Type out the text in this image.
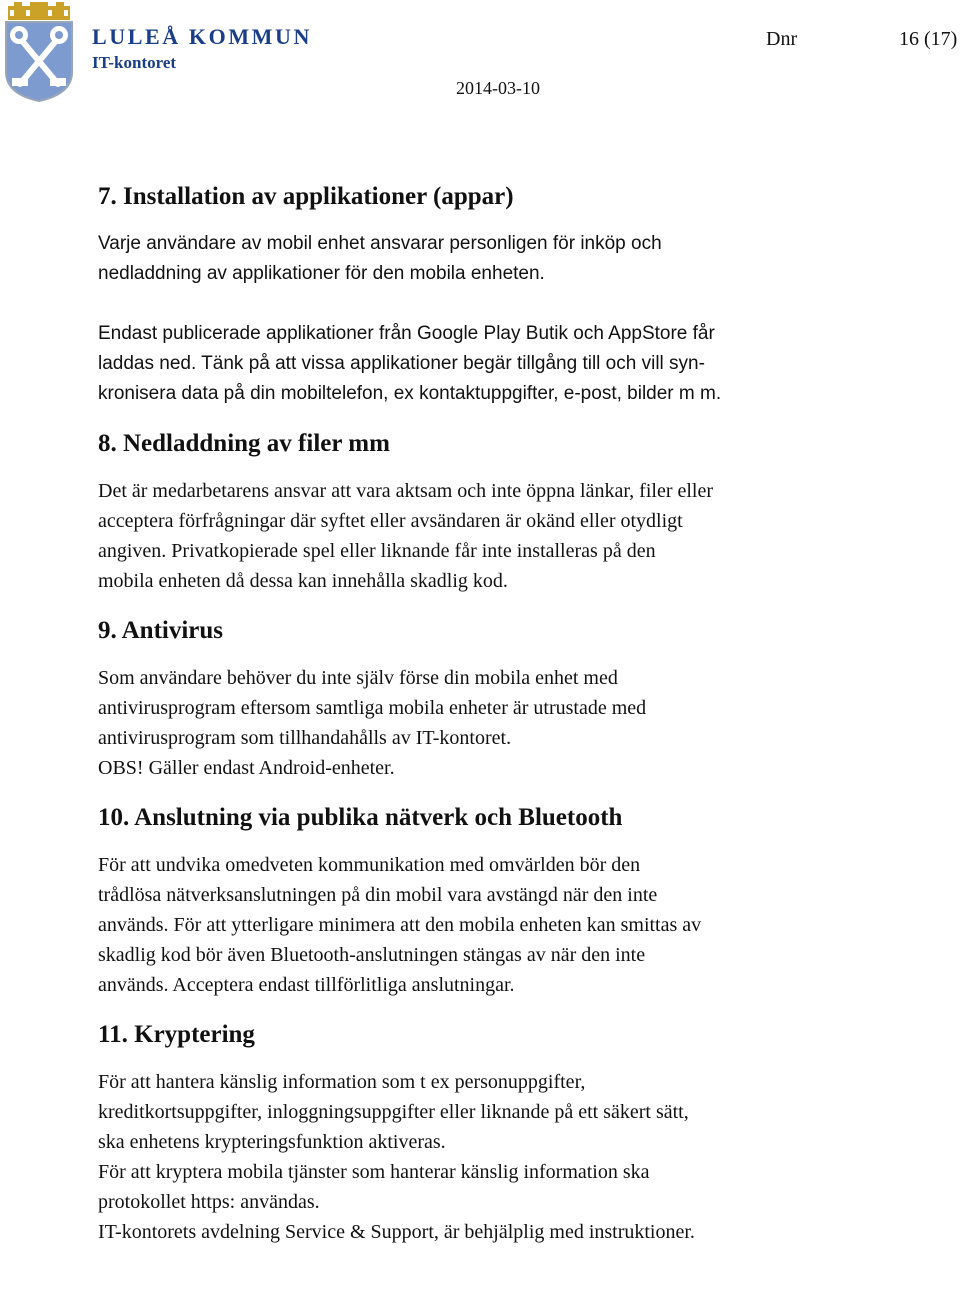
LULEÅ KOMMUN
IT-kontoret
Dnr	16 (17)
2014-03-10
7. Installation av applikationer (appar)

Varje användare av mobil enhet ansvarar personligen för inköp och
nedladdning av applikationer för den mobila enheten.

Endast publicerade applikationer från Google Play Butik och AppStore får
laddas ned. Tänk på att vissa applikationer begär tillgång till och vill syn-
kronisera data på din mobiltelefon, ex kontaktuppgifter, e-post, bilder m m.

8. Nedladdning av filer mm

Det är medarbetarens ansvar att vara aktsam och inte öppna länkar, filer eller
acceptera förfrågningar där syftet eller avsändaren är okänd eller otydligt
angiven. Privatkopierade spel eller liknande får inte installeras på den
mobila enheten då dessa kan innehålla skadlig kod.

9. Antivirus

Som användare behöver du inte själv förse din mobila enhet med
antivirusprogram eftersom samtliga mobila enheter är utrustade med
antivirusprogram som tillhandahålls av IT-kontoret.
OBS! Gäller endast Android-enheter.

10. Anslutning via publika nätverk och Bluetooth

För att undvika omedveten kommunikation med omvärlden bör den
trådlösa nätverksanslutningen på din mobil vara avstängd när den inte
används. För att ytterligare minimera att den mobila enheten kan smittas av
skadlig kod bör även Bluetooth-anslutningen stängas av när den inte
används. Acceptera endast tillförlitliga anslutningar.

11. Kryptering

För att hantera känslig information som t ex personuppgifter,
kreditkortsuppgifter, inloggningsuppgifter eller liknande på ett säkert sätt,
ska enhetens krypteringsfunktion aktiveras.
För att kryptera mobila tjänster som hanterar känslig information ska
protokollet https: användas.
IT-kontorets avdelning Service & Support, är behjälplig med instruktioner.
